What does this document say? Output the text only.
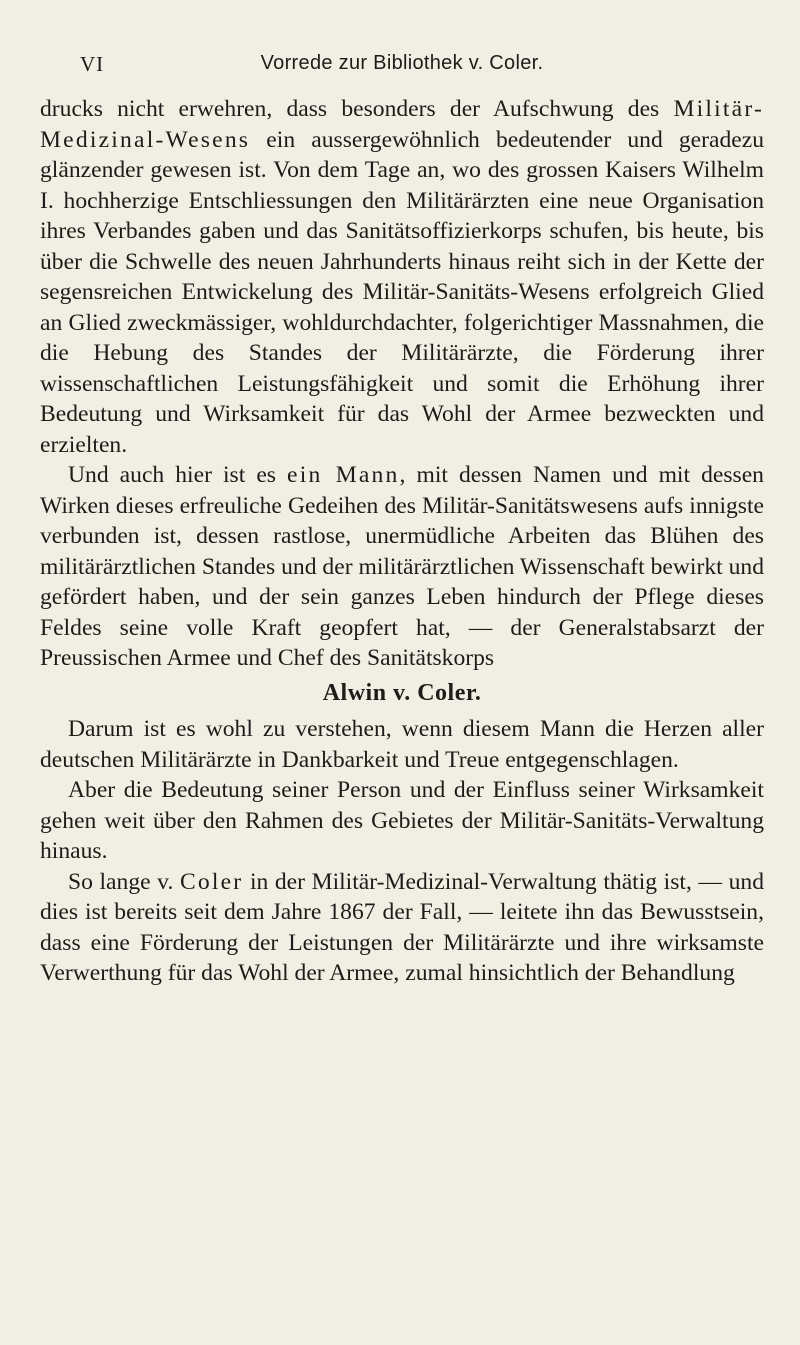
VI	Vorrede zur Bibliothek v. Coler.

drucks nicht erwehren, dass besonders der Aufschwung des Militär-Medizinal-Wesens ein aussergewöhnlich bedeutender und geradezu glänzender gewesen ist. Von dem Tage an, wo des grossen Kaisers Wilhelm I. hochherzige Entschliessungen den Militärärzten eine neue Organisation ihres Verbandes gaben und das Sanitätsoffizierkorps schufen, bis heute, bis über die Schwelle des neuen Jahrhunderts hinaus reiht sich in der Kette der segensreichen Entwickelung des Militär-Sanitäts-Wesens erfolgreich Glied an Glied zweckmässiger, wohldurchdachter, folgerichtiger Massnahmen, die die Hebung des Standes der Militärärzte, die Förderung ihrer wissenschaftlichen Leistungsfähigkeit und somit die Erhöhung ihrer Bedeutung und Wirksamkeit für das Wohl der Armee bezweckten und erzielten.

Und auch hier ist es ein Mann, mit dessen Namen und mit dessen Wirken dieses erfreuliche Gedeihen des Militär-Sanitätswesens aufs innigste verbunden ist, dessen rastlose, unermüdliche Arbeiten das Blühen des militärärztlichen Standes und der militärärztlichen Wissenschaft bewirkt und gefördert haben, und der sein ganzes Leben hindurch der Pflege dieses Feldes seine volle Kraft geopfert hat, — der Generalstabsarzt der Preussischen Armee und Chef des Sanitätskorps

Alwin v. Coler.

Darum ist es wohl zu verstehen, wenn diesem Mann die Herzen aller deutschen Militärärzte in Dankbarkeit und Treue entgegenschlagen.

Aber die Bedeutung seiner Person und der Einfluss seiner Wirksamkeit gehen weit über den Rahmen des Gebietes der Militär-Sanitäts-Verwaltung hinaus.

So lange v. Coler in der Militär-Medizinal-Verwaltung thätig ist, — und dies ist bereits seit dem Jahre 1867 der Fall, — leitete ihn das Bewusstsein, dass eine Förderung der Leistungen der Militärärzte und ihre wirksamste Verwerthung für das Wohl der Armee, zumal hinsichtlich der Behandlung
